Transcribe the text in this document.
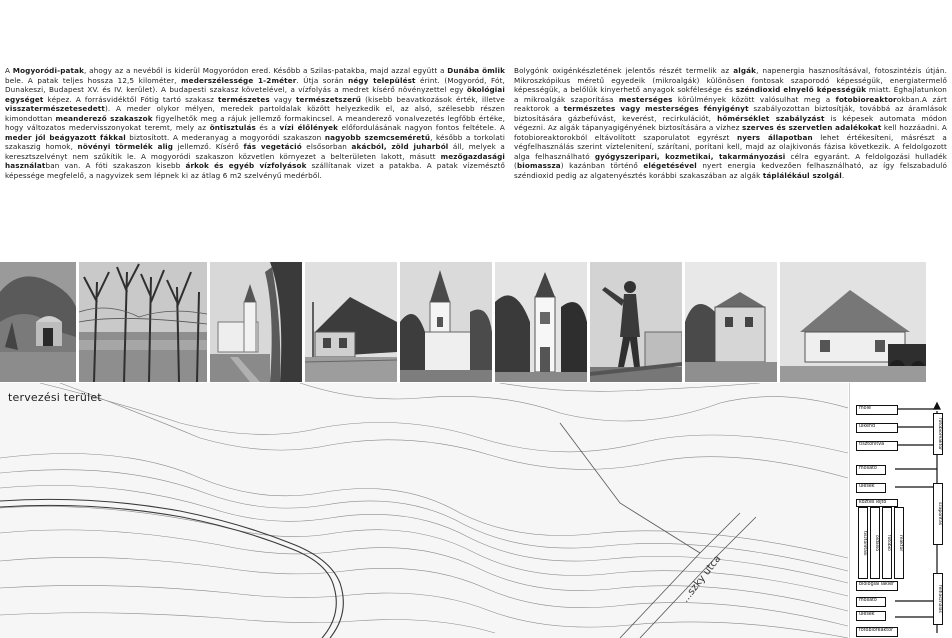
A Mogyoródi-patak, ahogy az a nevéből is kiderül Mogyoródon ered. Később a Szilas-patakba, majd azzal együtt a Dunába ömlik bele. A patak teljes hossza 12,5 kilométer, mederszélessége 1-2méter. Útja során négy települést érint. (Mogyoród, Fót, Dunakeszi, Budapest XV. és IV. kerület). A budapesti szakasz követelével, a vízfolyás a medret kísérő növényzettel egy ökológiai egységet képez. A forrásvidéktől Fótig tartó szakasz természetes vagy természetszerű (kisebb beavatkozások érték, illetve visszatermészetesedett). A meder olykor mélyen, meredek partoldalak között helyezkedik el, az alsó, szélesebb részen kimondottan meanderező szakaszok figyelhetők meg a rájuk jellemző formakincsel. A meanderező vonalvezetés legfőbb értéke, hogy változatos medervisszonyokat teremt, mely az öntisztulás és a vízi élőlények előfordulásának nagyon fontos feltétele. A meder jól beágyazott fákkal biztosított. A mederanyag a mogyoródi szakaszon nagyobb szemcseméretű, később a torkolati szakaszig homok, növényi törmelék alig jellemző. Kísérő fás vegetáció elsősorban akácból, zöld juharból áll, melyek a keresztszelvényt nem szűkítik le. A mogyoródi szakaszon közvetlen környezet a belterületen lakott, másutt mezőgazdasági használatban van. A fóti szakaszon kisebb árkok és egyéb vízfolyások szállítanak vizet a patakba. A patak vízemésztő képessége megfelelő, a nagyvizek sem lépnek ki az átlag 6 m2 szelvényű medérből.
Bolygónk oxigénkészletének jelentős részét termelik az algák, napenergia hasznosításával, fotoszintézis útján. Mikroszkópikus méretű egyedeik (mikroalgák) különösen fontosak szaporodó képességük, energiatermelő képességük, a belőlük kinyerhető anyagok sokfélesége és széndioxid elnyelő képességük miatt. Éghajlatunkon a mikroalgák szaporítása mesterséges körülmények között valósulhat meg a fotobioreaktorokban.A zárt reaktorok a természetes vagy mesterséges fényigényt szabályozottan biztosítják, továbbá az áramlások biztosítására gázbefúvást, keverést, recirkulációt, hőmérséklet szabályzást is képesek automata módon végezni. Az algák tápanyagigényének biztosítására a vízhez szerves és szervetlen adalékokat kell hozzáadni. A fotobioreaktorokból eltávolított szaporulatot egyrészt nyers állapotban lehet értékesíteni, másrészt a végfelhasználás szerint víztelenitení, szárítani, porítani kell, majd az olajkivonás fázisa következik. A feldolgozott alga felhasználható gyógyszeripari, kozmetikai, takarmányozási célra egyaránt. A feldolgozási hulladék (biomassza) kazánban történő elégetésével nyert energia kedvezően felhasználható, az így felszabaduló széndioxid pedig az algatenyésztés korábbi szakaszában az algák táplálékául szolgál.
tervezési terület
...szky utca
mole
ülkend
tisztonítva
mosató
ülések
köztes lejtő
mosató
ülések
fotobioreaktor
tisztonítási	oldalsó	fotobio	reaktor
biológiai lakier
fotobioreaktor
szaporítás
felhasználás
